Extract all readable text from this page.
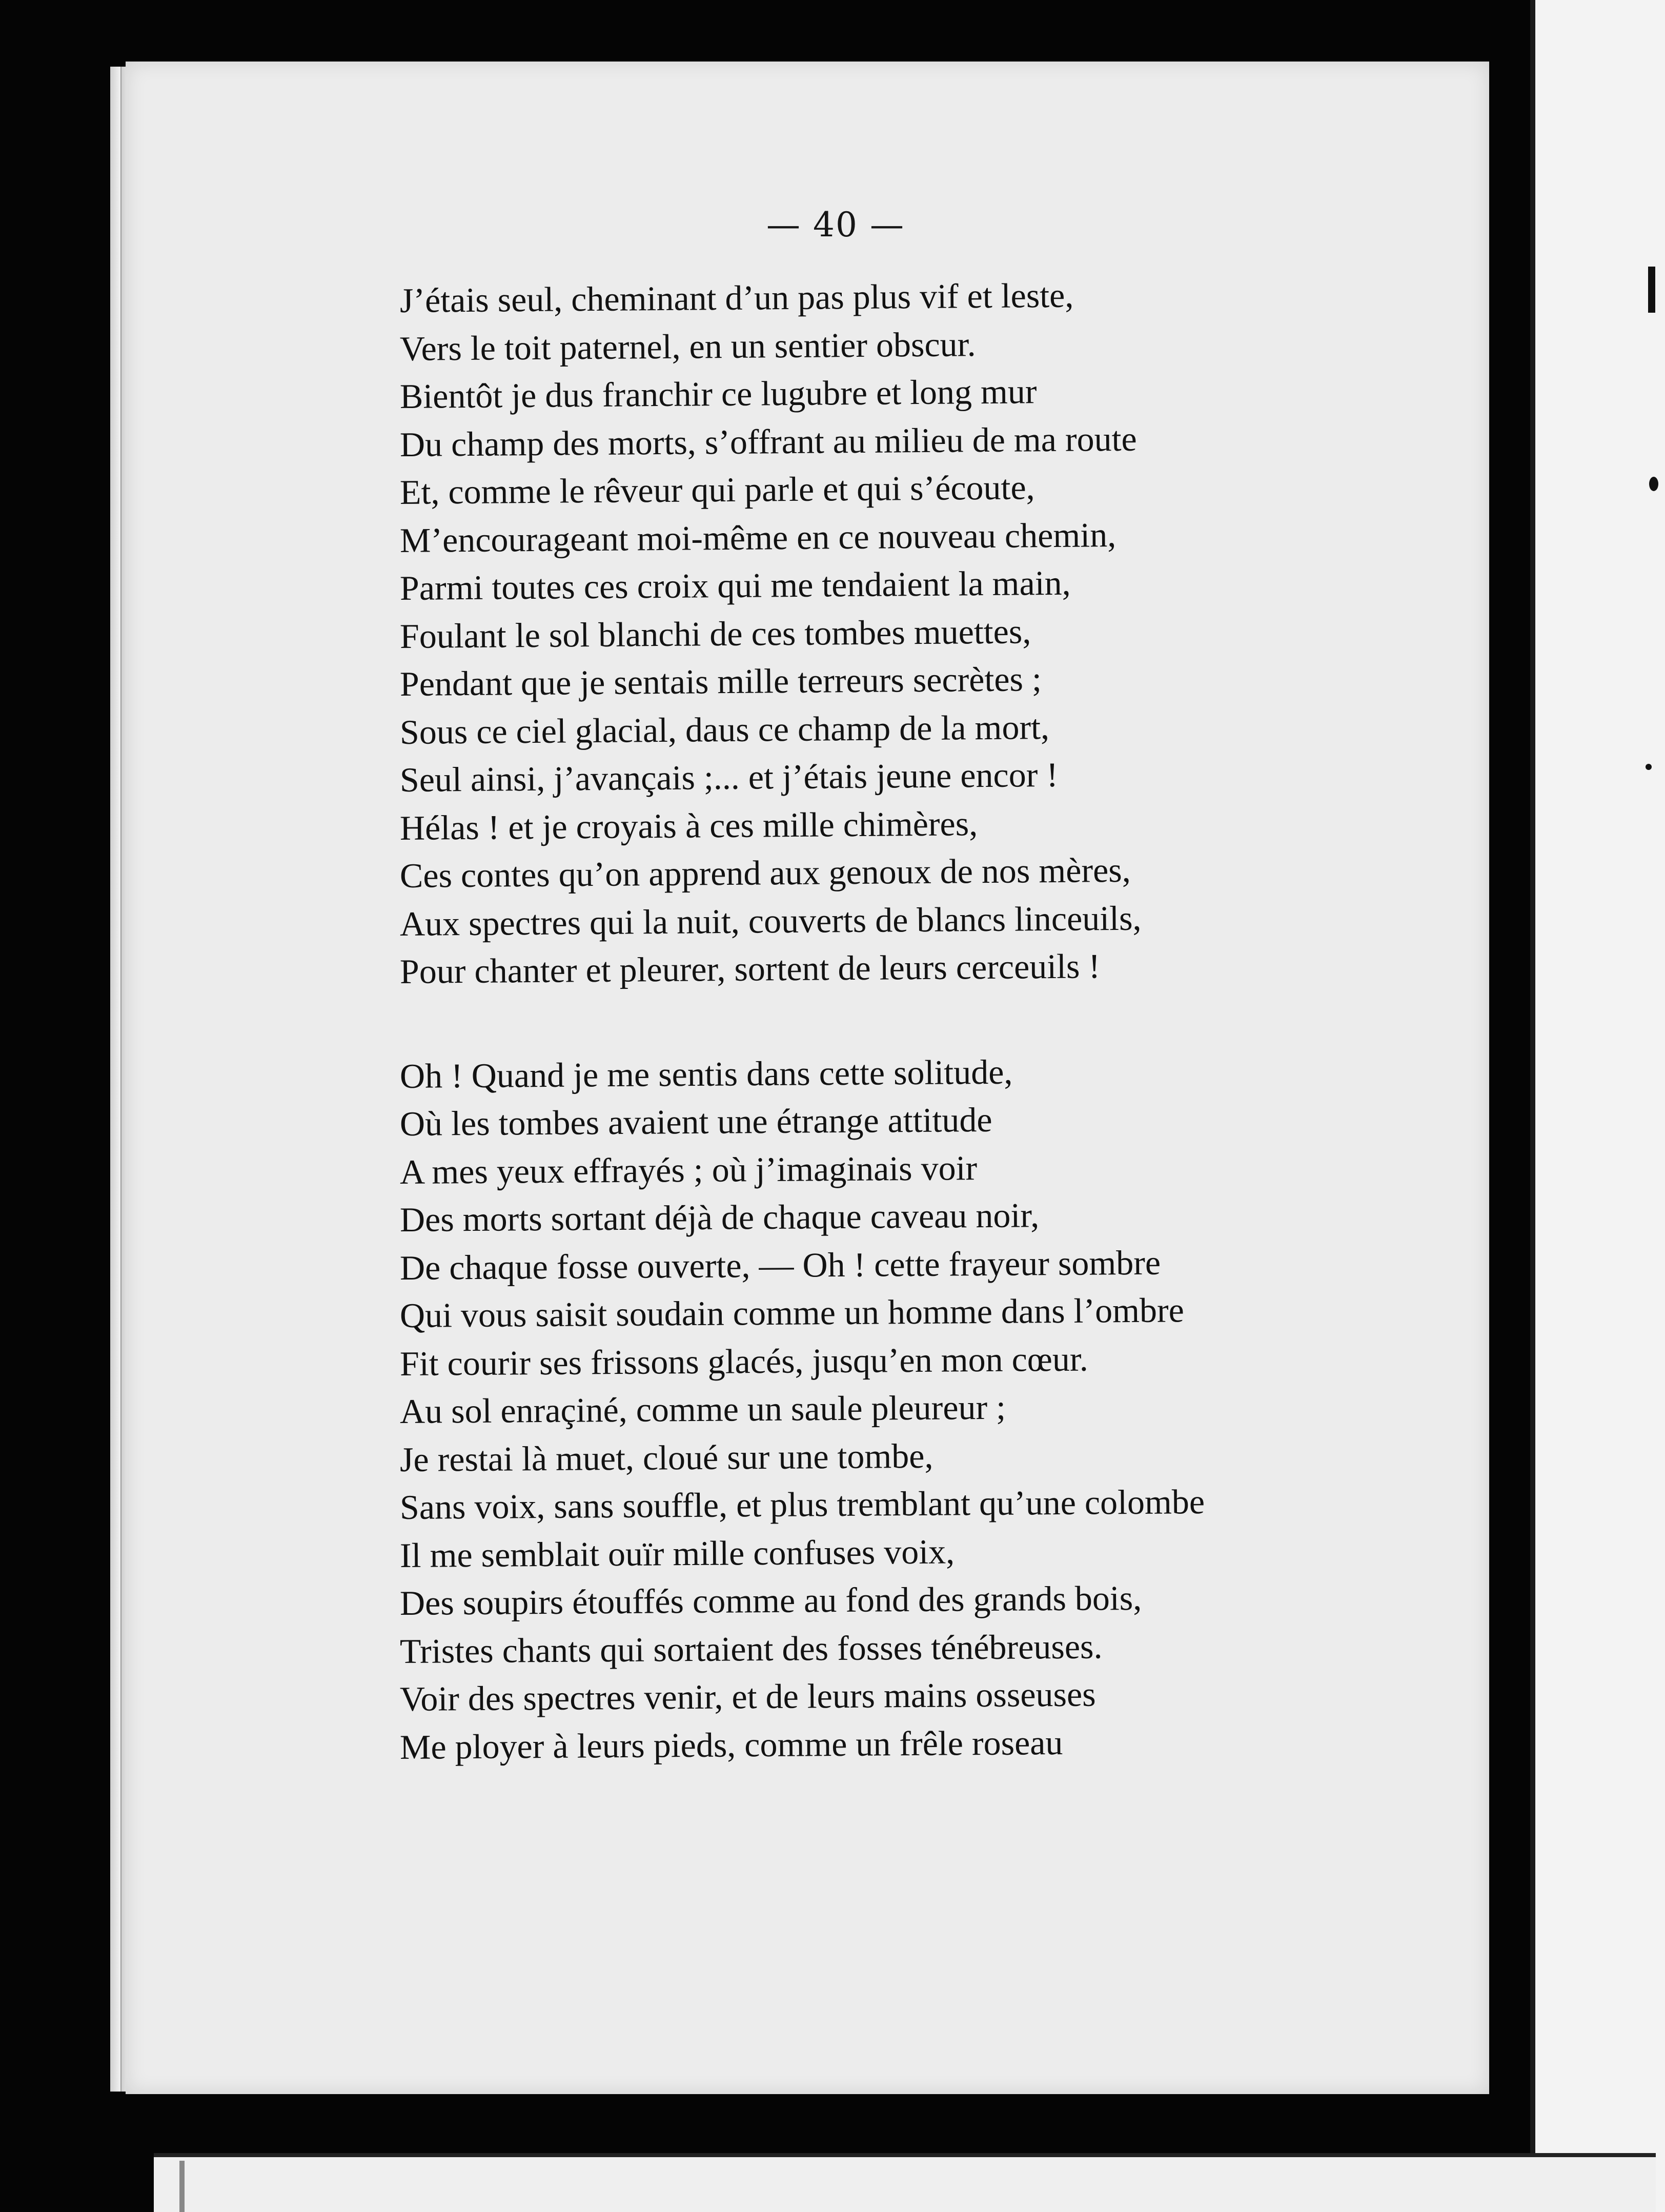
— 40 —
J’étais seul, cheminant d’un pas plus vif et leste,
Vers le toit paternel, en un sentier obscur.
Bientôt je dus franchir ce lugubre et long mur
Du champ des morts, s’offrant au milieu de ma route
Et, comme le rêveur qui parle et qui s’écoute,
M’encourageant moi-même en ce nouveau chemin,
Parmi toutes ces croix qui me tendaient la main,
Foulant le sol blanchi de ces tombes muettes,
Pendant que je sentais mille terreurs secrètes ;
Sous ce ciel glacial, daus ce champ de la mort,
Seul ainsi, j’avançais ;... et j’étais jeune encor !
Hélas ! et je croyais à ces mille chimères,
Ces contes qu’on apprend aux genoux de nos mères,
Aux spectres qui la nuit, couverts de blancs linceuils,
Pour chanter et pleurer, sortent de leurs cerceuils !
Oh ! Quand je me sentis dans cette solitude,
Où les tombes avaient une étrange attitude
A mes yeux effrayés ; où j’imaginais voir
Des morts sortant déjà de chaque caveau noir,
De chaque fosse ouverte, — Oh ! cette frayeur sombre
Qui vous saisit soudain comme un homme dans l’ombre
Fit courir ses frissons glacés, jusqu’en mon cœur.
Au sol enraçiné, comme un saule pleureur ;
Je restai là muet, cloué sur une tombe,
Sans voix, sans souffle, et plus tremblant qu’une colombe
Il me semblait ouïr mille confuses voix,
Des soupirs étouffés comme au fond des grands bois,
Tristes chants qui sortaient des fosses ténébreuses.
Voir des spectres venir, et de leurs mains osseuses
Me ployer à leurs pieds, comme un frêle roseau
